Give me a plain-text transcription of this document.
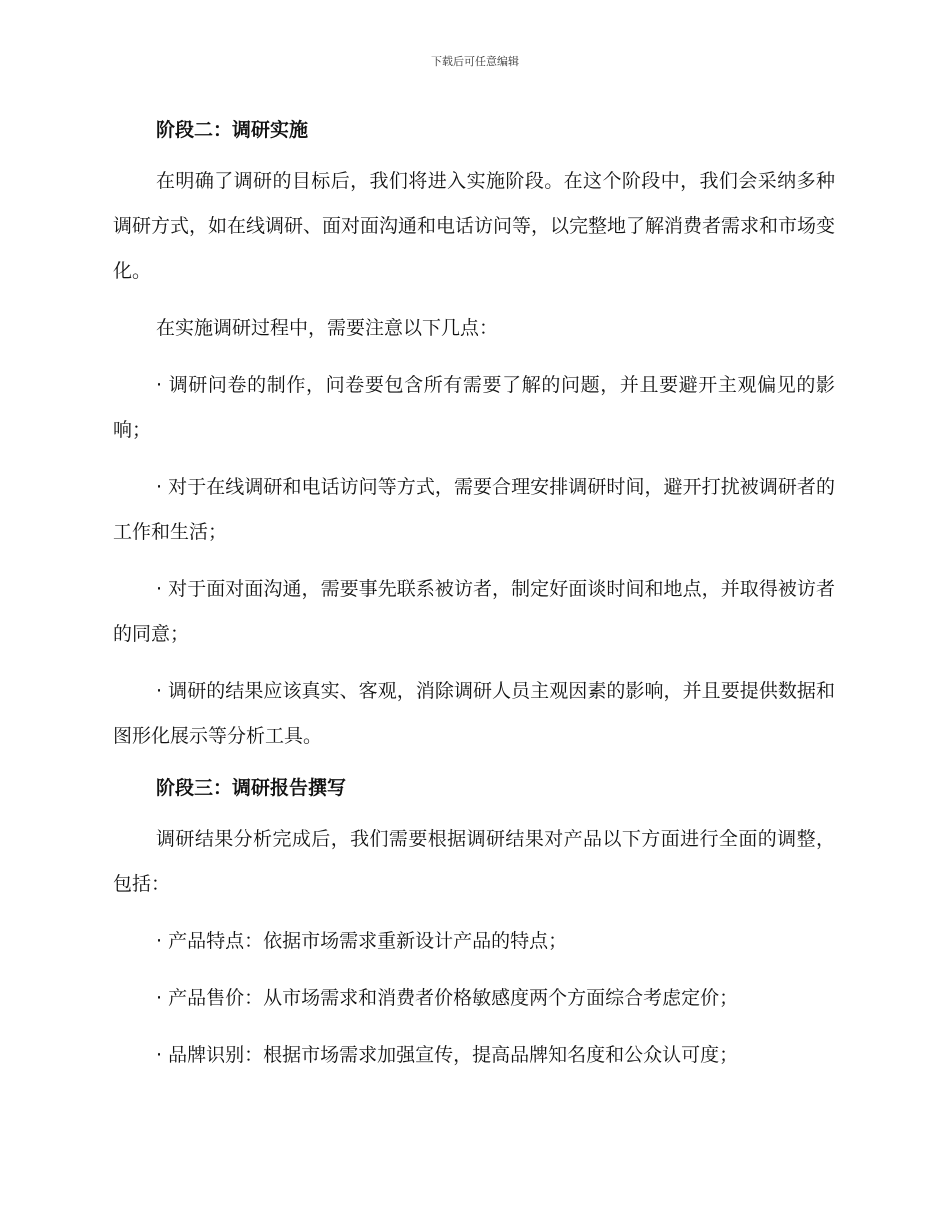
下载后可任意编辑
阶段二：调研实施

在明确了调研的目标后，我们将进入实施阶段。在这个阶段中，我们会采纳多种调研方式，如在线调研、面对面沟通和电话访问等，以完整地了解消费者需求和市场变化。

在实施调研过程中，需要注意以下几点：

· 调研问卷的制作，问卷要包含所有需要了解的问题，并且要避开主观偏见的影响；

· 对于在线调研和电话访问等方式，需要合理安排调研时间，避开打扰被调研者的工作和生活；

· 对于面对面沟通，需要事先联系被访者，制定好面谈时间和地点，并取得被访者的同意；

· 调研的结果应该真实、客观，消除调研人员主观因素的影响，并且要提供数据和图形化展示等分析工具。

阶段三：调研报告撰写

调研结果分析完成后，我们需要根据调研结果对产品以下方面进行全面的调整，包括：

· 产品特点：依据市场需求重新设计产品的特点；

· 产品售价：从市场需求和消费者价格敏感度两个方面综合考虑定价；

· 品牌识别：根据市场需求加强宣传，提高品牌知名度和公众认可度；
